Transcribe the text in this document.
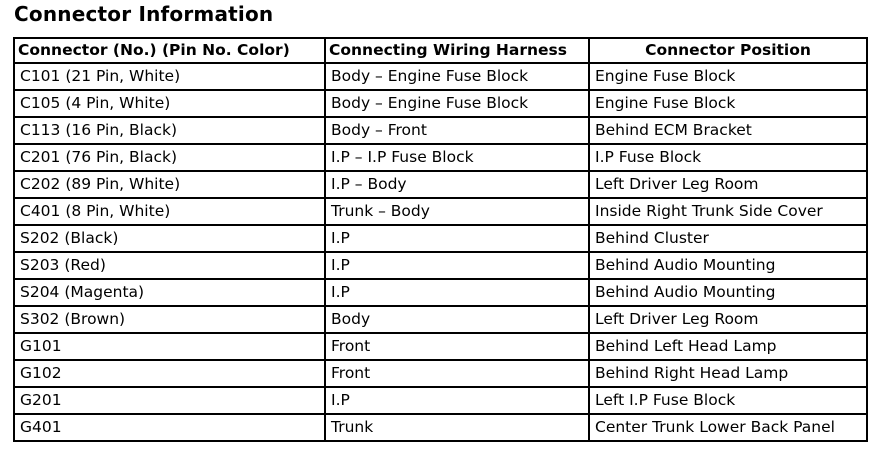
Connector Information
Connector (No.) (Pin No. Color)	Connecting Wiring Harness	Connector Position
C101 (21 Pin, White)	Body – Engine Fuse Block	Engine Fuse Block
C105 (4 Pin, White)	Body – Engine Fuse Block	Engine Fuse Block
C113 (16 Pin, Black)	Body – Front	Behind ECM Bracket
C201 (76 Pin, Black)	I.P – I.P Fuse Block	I.P Fuse Block
C202 (89 Pin, White)	I.P – Body	Left Driver Leg Room
C401 (8 Pin, White)	Trunk – Body	Inside Right Trunk Side Cover
S202 (Black)	I.P	Behind Cluster
S203 (Red)	I.P	Behind Audio Mounting
S204 (Magenta)	I.P	Behind Audio Mounting
S302 (Brown)	Body	Left Driver Leg Room
G101	Front	Behind Left Head Lamp
G102	Front	Behind Right Head Lamp
G201	I.P	Left I.P Fuse Block
G401	Trunk	Center Trunk Lower Back Panel
